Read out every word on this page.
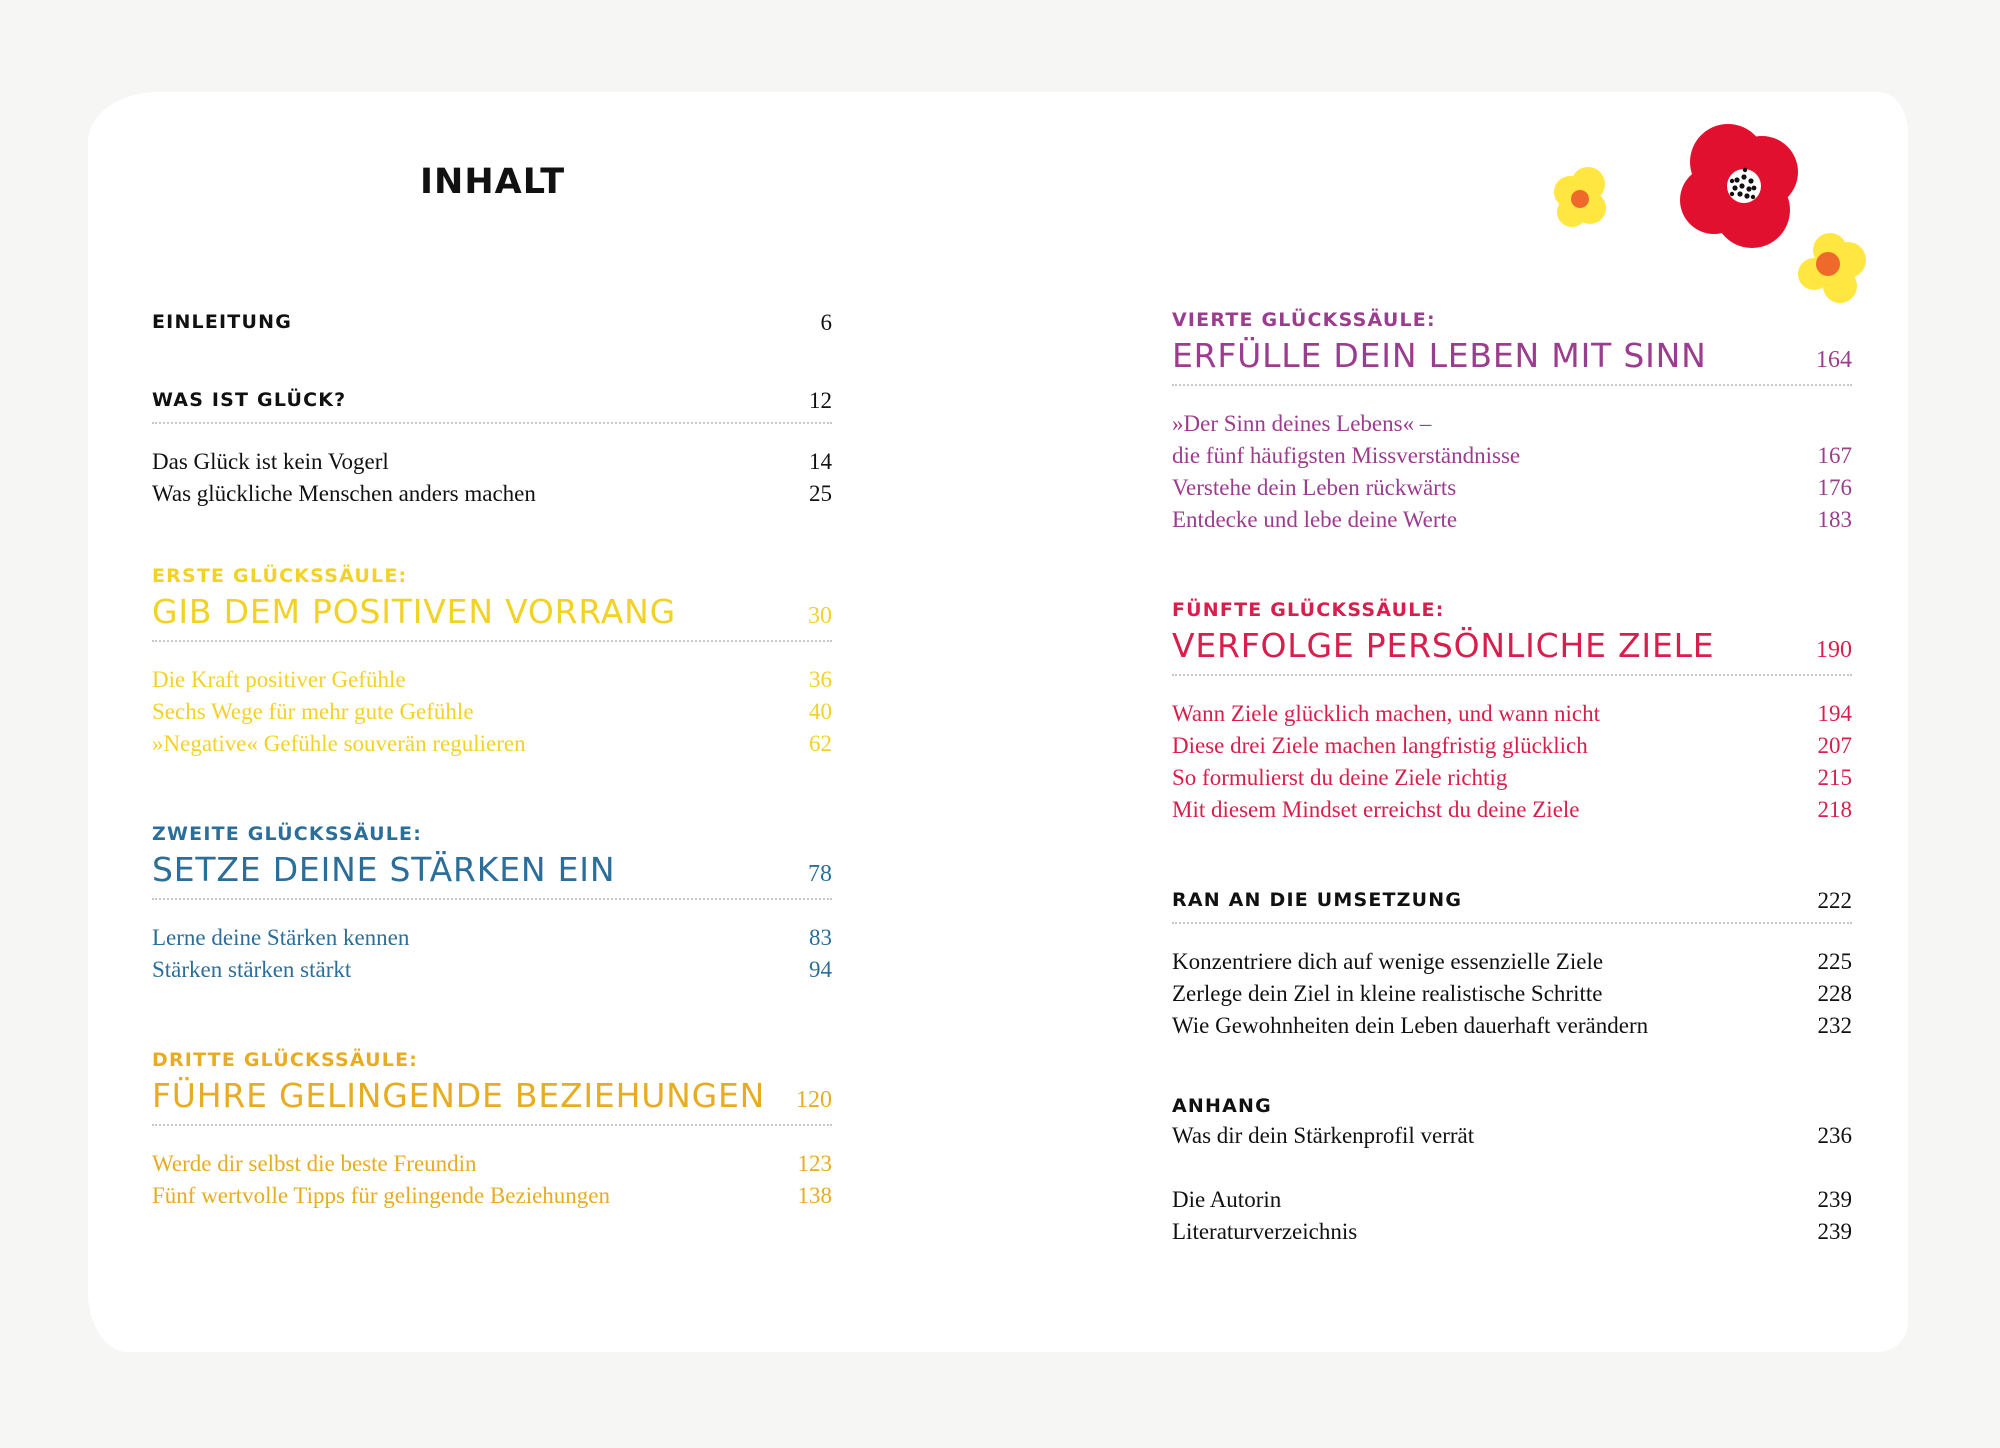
INHALT
EINLEITUNG	6
WAS IST GLÜCK?	12
Das Glück ist kein Vogerl	14
Was glückliche Menschen anders machen	25
ERSTE GLÜCKSSÄULE:
GIB DEM POSITIVEN VORRANG	30
Die Kraft positiver Gefühle	36
Sechs Wege für mehr gute Gefühle	40
»Negative« Gefühle souverän regulieren	62
ZWEITE GLÜCKSSÄULE:
SETZE DEINE STÄRKEN EIN	78
Lerne deine Stärken kennen	83
Stärken stärken stärkt	94
DRITTE GLÜCKSSÄULE:
FÜHRE GELINGENDE BEZIEHUNGEN 120
Werde dir selbst die beste Freundin	123
Fünf wertvolle Tipps für gelingende Beziehungen	138
VIERTE GLÜCKSSÄULE:
ERFÜLLE DEIN LEBEN MIT SINN	164
»Der Sinn deines Lebens« –
die fünf häufigsten Missverständnisse	167
Verstehe dein Leben rückwärts	176
Entdecke und lebe deine Werte	183
FÜNFTE GLÜCKSSÄULE:
VERFOLGE PERSÖNLICHE ZIELE	190
Wann Ziele glücklich machen, und wann nicht	194
Diese drei Ziele machen langfristig glücklich	207
So formulierst du deine Ziele richtig	215
Mit diesem Mindset erreichst du deine Ziele	218
RAN AN DIE UMSETZUNG	222
Konzentriere dich auf wenige essenzielle Ziele	225
Zerlege dein Ziel in kleine realistische Schritte	228
Wie Gewohnheiten dein Leben dauerhaft verändern	232
ANHANG
Was dir dein Stärkenprofil verrät	236
Die Autorin	239
Literaturverzeichnis	239
